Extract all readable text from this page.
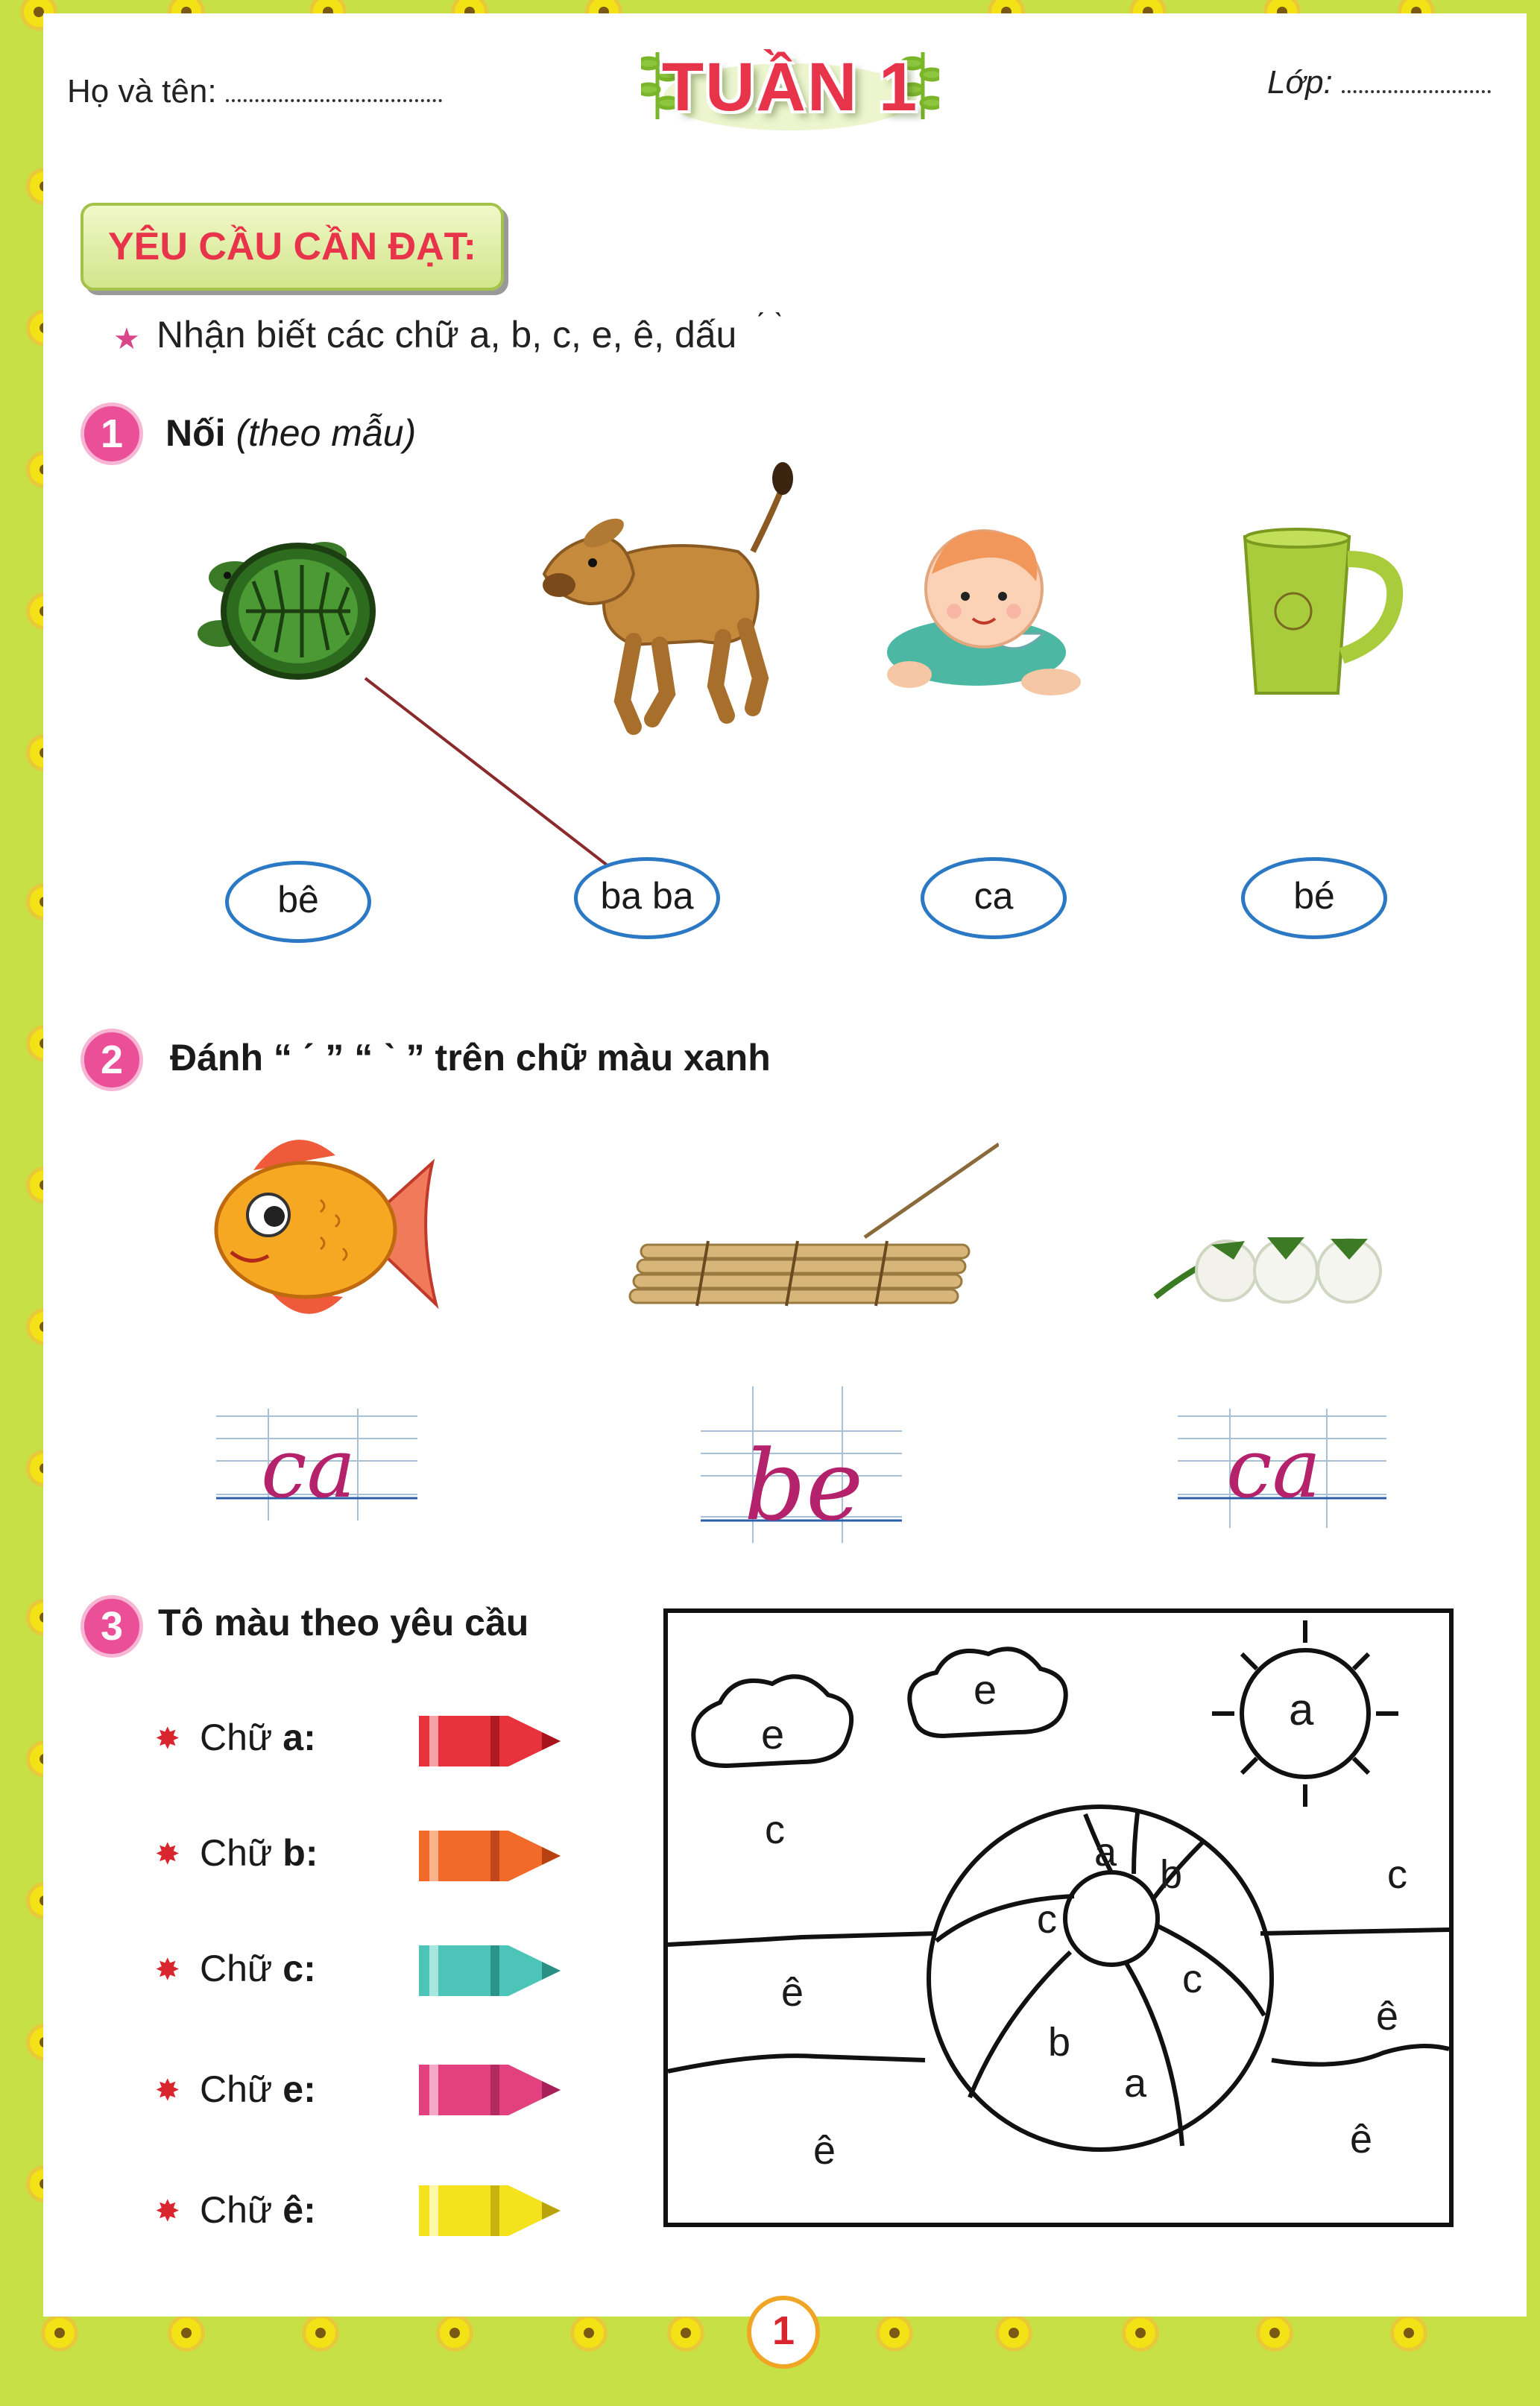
Họ và tên:	TUẦN 1	Lớp:
YÊU CẦU CẦN ĐẠT:
★ Nhận biết các chữ a, b, c, e, ê, dấu  $^{ˊ ˋ}$
1	Nối (theo mẫu)
bê	ba ba	ca	bé
2	Đánh “ ˊ ” “ ˋ ” trên chữ màu xanh
ca	be	ca
3 Tô màu theo yêu cầu
✸ Chữ a:
✸ Chữ b:
✸ Chữ c:
✸ Chữ e:
✸ Chữ ê:
e
e	a
c
c
a b
c
c
b
a
ê
ê
ê	ê
1
